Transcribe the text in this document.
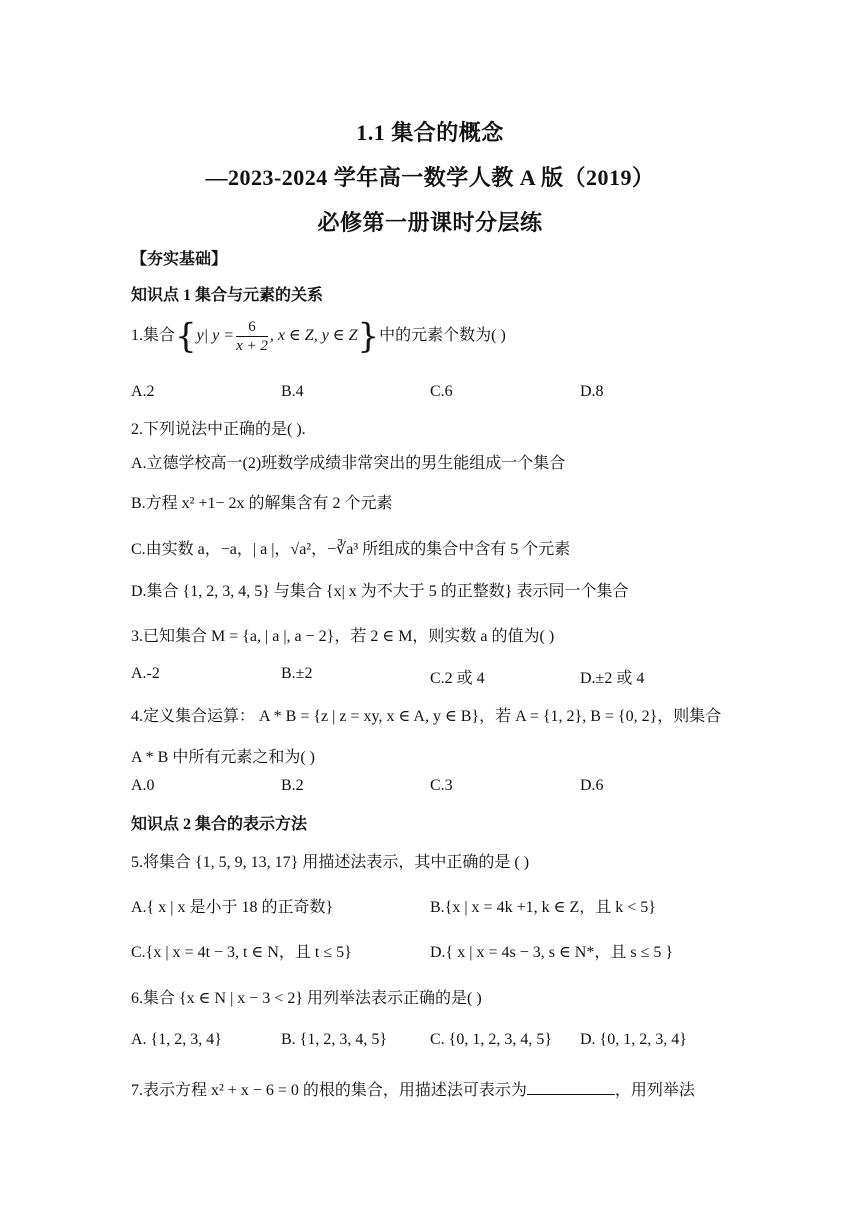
1.1 集合的概念
—2023-2024 学年高一数学人教 A 版（2019）
必修第一册课时分层练
【夯实基础】
知识点 1 集合与元素的关系
1.集合{y| $y = \frac{6}{x + 2}$ , x ∈ Z, y ∈ Z}中的元素个数为( )
A.2	B.4	C.6	D.8
2.下列说法中正确的是( ).
A.立德学校高一(2)班数学成绩非常突出的男生能组成一个集合
B.方程 x² +1− 2x 的解集含有 2 个元素
C.由实数 a，−a，| a |，√a²，−∛a³ 所组成的集合中含有 5 个元素
D.集合 {1, 2, 3, 4, 5} 与集合 {x| x 为不大于 5 的正整数} 表示同一个集合
3.已知集合 M = {a, | a |, a − 2}，若 2 ∈ M，则实数 a 的值为( )
A.-2	B.±2	C.2 或 4	D.±2 或 4
4.定义集合运算： A * B = {z | z = xy, x ∈ A, y ∈ B}，若 A = {1, 2}, B = {0, 2}，则集合
A * B 中所有元素之和为( )
A.0	B.2	C.3	D.6
知识点 2 集合的表示方法
5.将集合 {1, 5, 9, 13, 17} 用描述法表示，其中正确的是 ( )
A.{ x | x 是小于 18 的正奇数}	B.{x | x = 4k +1, k ∈ Z，且 k < 5}
C.{x | x = 4t − 3, t ∈ N，且 t ≤ 5}	D.{ x | x = 4s − 3, s ∈ N*，且 s ≤ 5 }
6.集合 {x ∈ N | x − 3 < 2} 用列举法表示正确的是( )
A. {1, 2, 3, 4}	B. {1, 2, 3, 4, 5}	C. {0, 1, 2, 3, 4, 5} D. {0, 1, 2, 3, 4}
7.表示方程 x² + x − 6 = 0 的根的集合，用描述法可表示为	，用列举法
